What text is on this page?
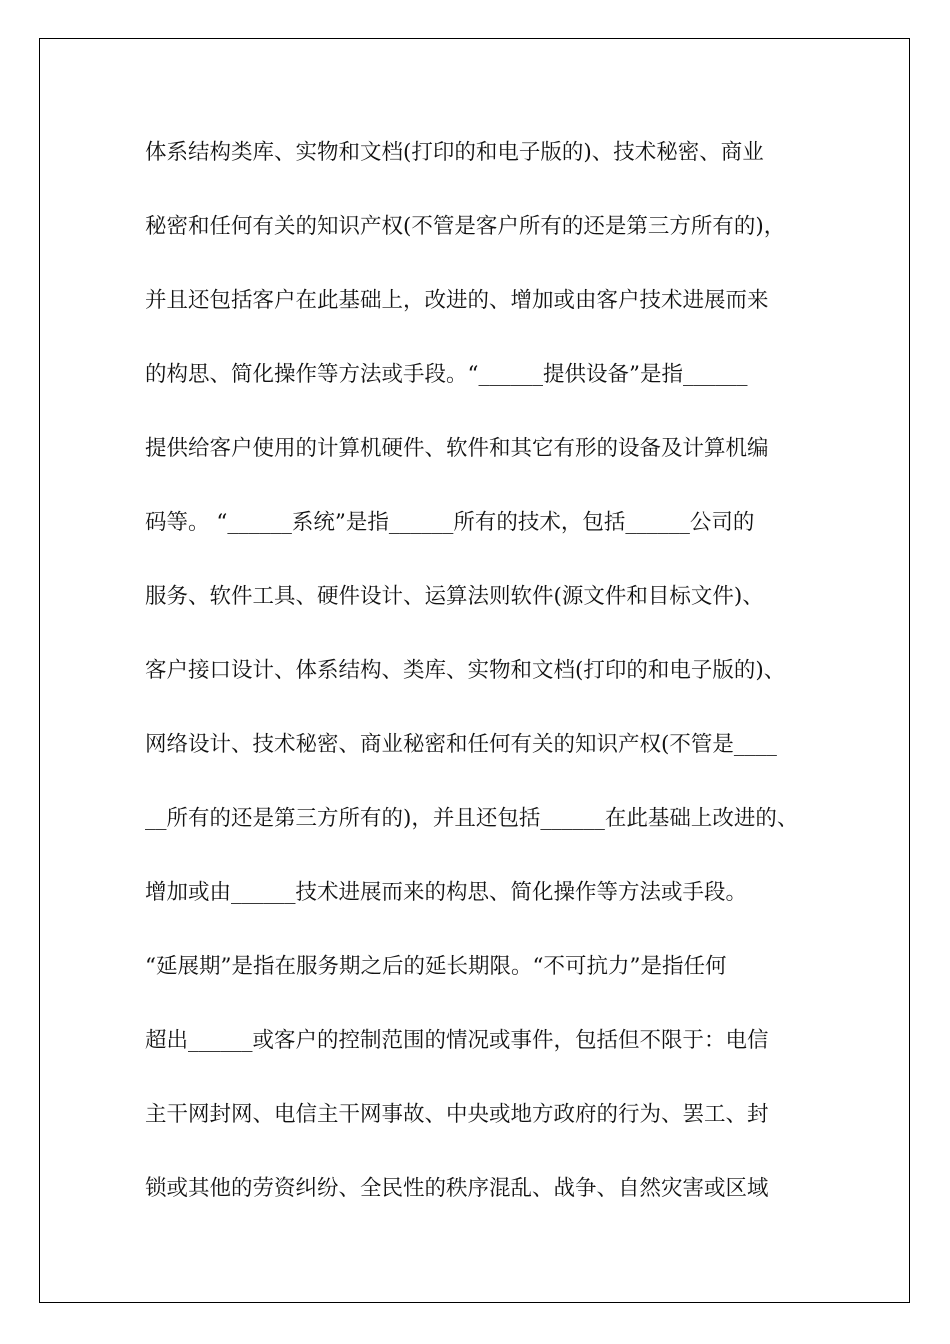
体系结构类库、实物和文档(打印的和电子版的)、技术秘密、商业
秘密和任何有关的知识产权(不管是客户所有的还是第三方所有的)，
并且还包括客户在此基础上，改进的、增加或由客户技术进展而来
的构思、简化操作等方法或手段。“______提供设备”是指______
提供给客户使用的计算机硬件、软件和其它有形的设备及计算机编
码等。 “______系统”是指______所有的技术，包括______公司的
服务、软件工具、硬件设计、运算法则软件(源文件和目标文件)、
客户接口设计、体系结构、类库、实物和文档(打印的和电子版的)、
网络设计、技术秘密、商业秘密和任何有关的知识产权(不管是____
__所有的还是第三方所有的)，并且还包括______在此基础上改进的、
增加或由______技术进展而来的构思、简化操作等方法或手段。
“延展期”是指在服务期之后的延长期限。“不可抗力”是指任何
超出______或客户的控制范围的情况或事件，包括但不限于：电信
主干网封网、电信主干网事故、中央或地方政府的行为、罢工、封
锁或其他的劳资纠纷、全民性的秩序混乱、战争、自然灾害或区域
